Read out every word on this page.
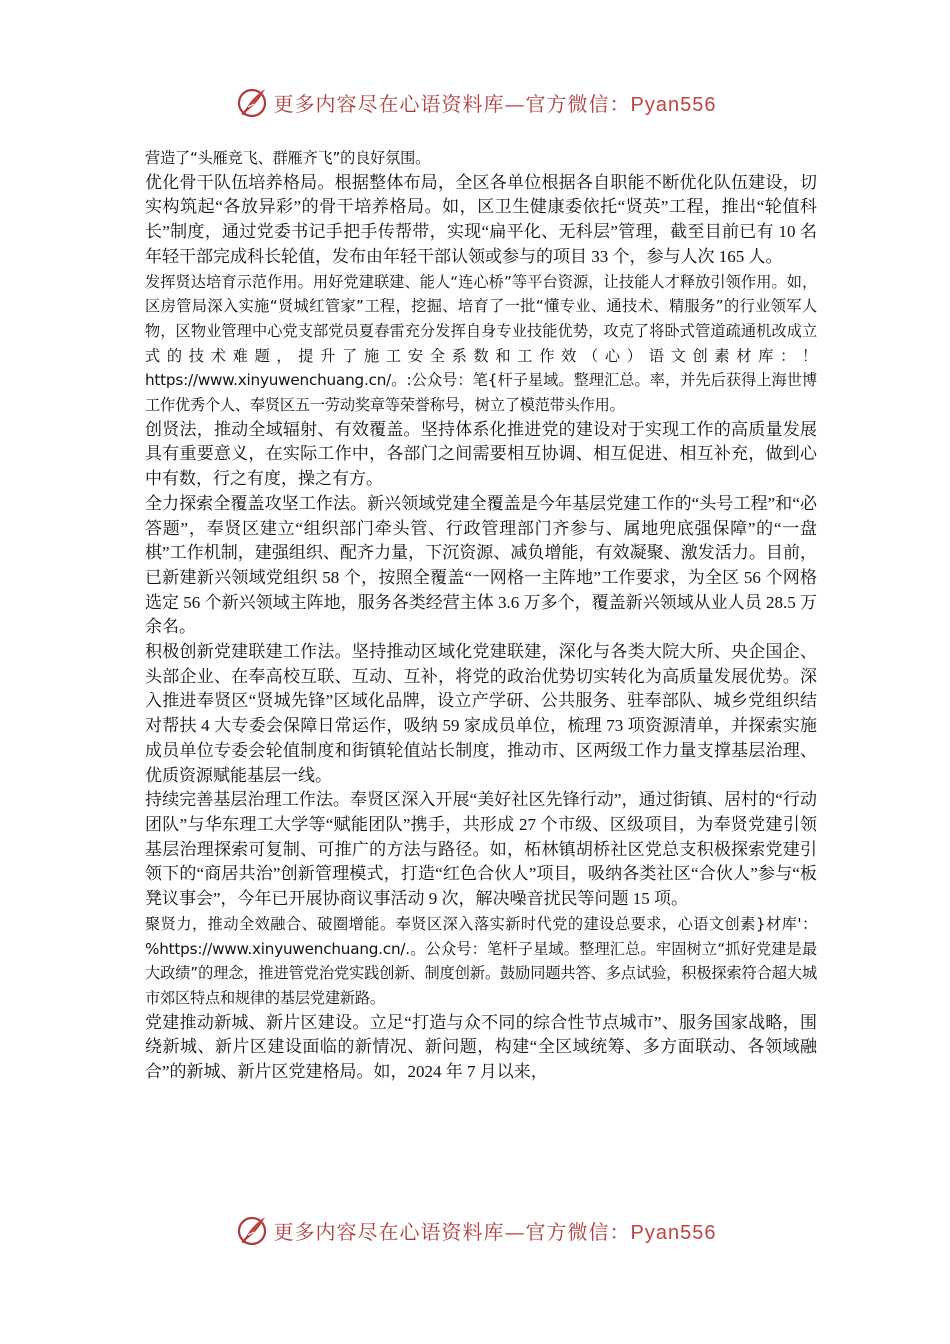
更多内容尽在心语资料库—官方微信：Pyan556

营造了“头雁竞飞、群雁齐飞”的良好氛围。

优化骨干队伍培养格局。根据整体布局，全区各单位根据各自职能不断优化队伍建设，切实构筑起“各放异彩”的骨干培养格局。如，区卫生健康委依托“贤英”工程，推出“轮值科长”制度，通过党委书记手把手传帮带，实现“扁平化、无科层”管理，截至目前已有 10 名年轻干部完成科长轮值，发布由年轻干部认领或参与的项目 33 个，参与人次 165 人。

发挥贤达培育示范作用。用好党建联建、能人“连心桥”等平台资源，让技能人才释放引领作用。如，区房管局深入实施“贤城红管家”工程，挖掘、培育了一批“懂专业、通技术、精服务”的行业领军人物，区物业管理中心党支部党员夏春雷充分发挥自身专业技能优势，攻克了将卧式管道疏通机改成立式的技术难题，提升了施工安全系数和工作效（心）语文创素材库：！https://www.xinyuwenchuang.cn/。:公众号：笔{杆子星域。整理汇总。率，并先后获得上海世博工作优秀个人、奉贤区五一劳动奖章等荣誉称号，树立了模范带头作用。

创贤法，推动全域辐射、有效覆盖。坚持体系化推进党的建设对于实现工作的高质量发展具有重要意义，在实际工作中，各部门之间需要相互协调、相互促进、相互补充，做到心中有数，行之有度，操之有方。

全力探索全覆盖攻坚工作法。新兴领域党建全覆盖是今年基层党建工作的“头号工程”和“必答题”，奉贤区建立“组织部门牵头管、行政管理部门齐参与、属地兜底强保障”的“一盘棋”工作机制，建强组织、配齐力量，下沉资源、减负增能，有效凝聚、激发活力。目前，已新建新兴领域党组织 58 个，按照全覆盖“一网格一主阵地”工作要求，为全区 56 个网格选定 56 个新兴领域主阵地，服务各类经营主体 3.6 万多个，覆盖新兴领域从业人员 28.5 万余名。

积极创新党建联建工作法。坚持推动区域化党建联建，深化与各类大院大所、央企国企、头部企业、在奉高校互联、互动、互补，将党的政治优势切实转化为高质量发展优势。深入推进奉贤区“贤城先锋”区域化品牌，设立产学研、公共服务、驻奉部队、城乡党组织结对帮扶 4 大专委会保障日常运作，吸纳 59 家成员单位，梳理 73 项资源清单，并探索实施成员单位专委会轮值制度和街镇轮值站长制度，推动市、区两级工作力量支撑基层治理、优质资源赋能基层一线。

持续完善基层治理工作法。奉贤区深入开展“美好社区先锋行动”，通过街镇、居村的“行动团队”与华东理工大学等“赋能团队”携手，共形成 27 个市级、区级项目，为奉贤党建引领基层治理探索可复制、可推广的方法与路径。如，柘林镇胡桥社区党总支积极探索党建引领下的“商居共治”创新管理模式，打造“红色合伙人”项目，吸纳各类社区“合伙人”参与“板凳议事会”，今年已开展协商议事活动 9 次，解决噪音扰民等问题 15 项。

聚贤力，推动全效融合、破圈增能。奉贤区深入落实新时代党的建设总要求，心语文创素}材库'：%https://www.xinyuwenchuang.cn/.。公众号：笔杆子星域。整理汇总。牢固树立“抓好党建是最大政绩”的理念，推进管党治党实践创新、制度创新。鼓励同题共答、多点试验，积极探索符合超大城市郊区特点和规律的基层党建新路。

党建推动新城、新片区建设。立足“打造与众不同的综合性节点城市”、服务国家战略，围绕新城、新片区建设面临的新情况、新问题，构建“全区域统筹、多方面联动、各领域融合”的新城、新片区党建格局。如，2024 年 7 月以来，

更多内容尽在心语资料库—官方微信：Pyan556
